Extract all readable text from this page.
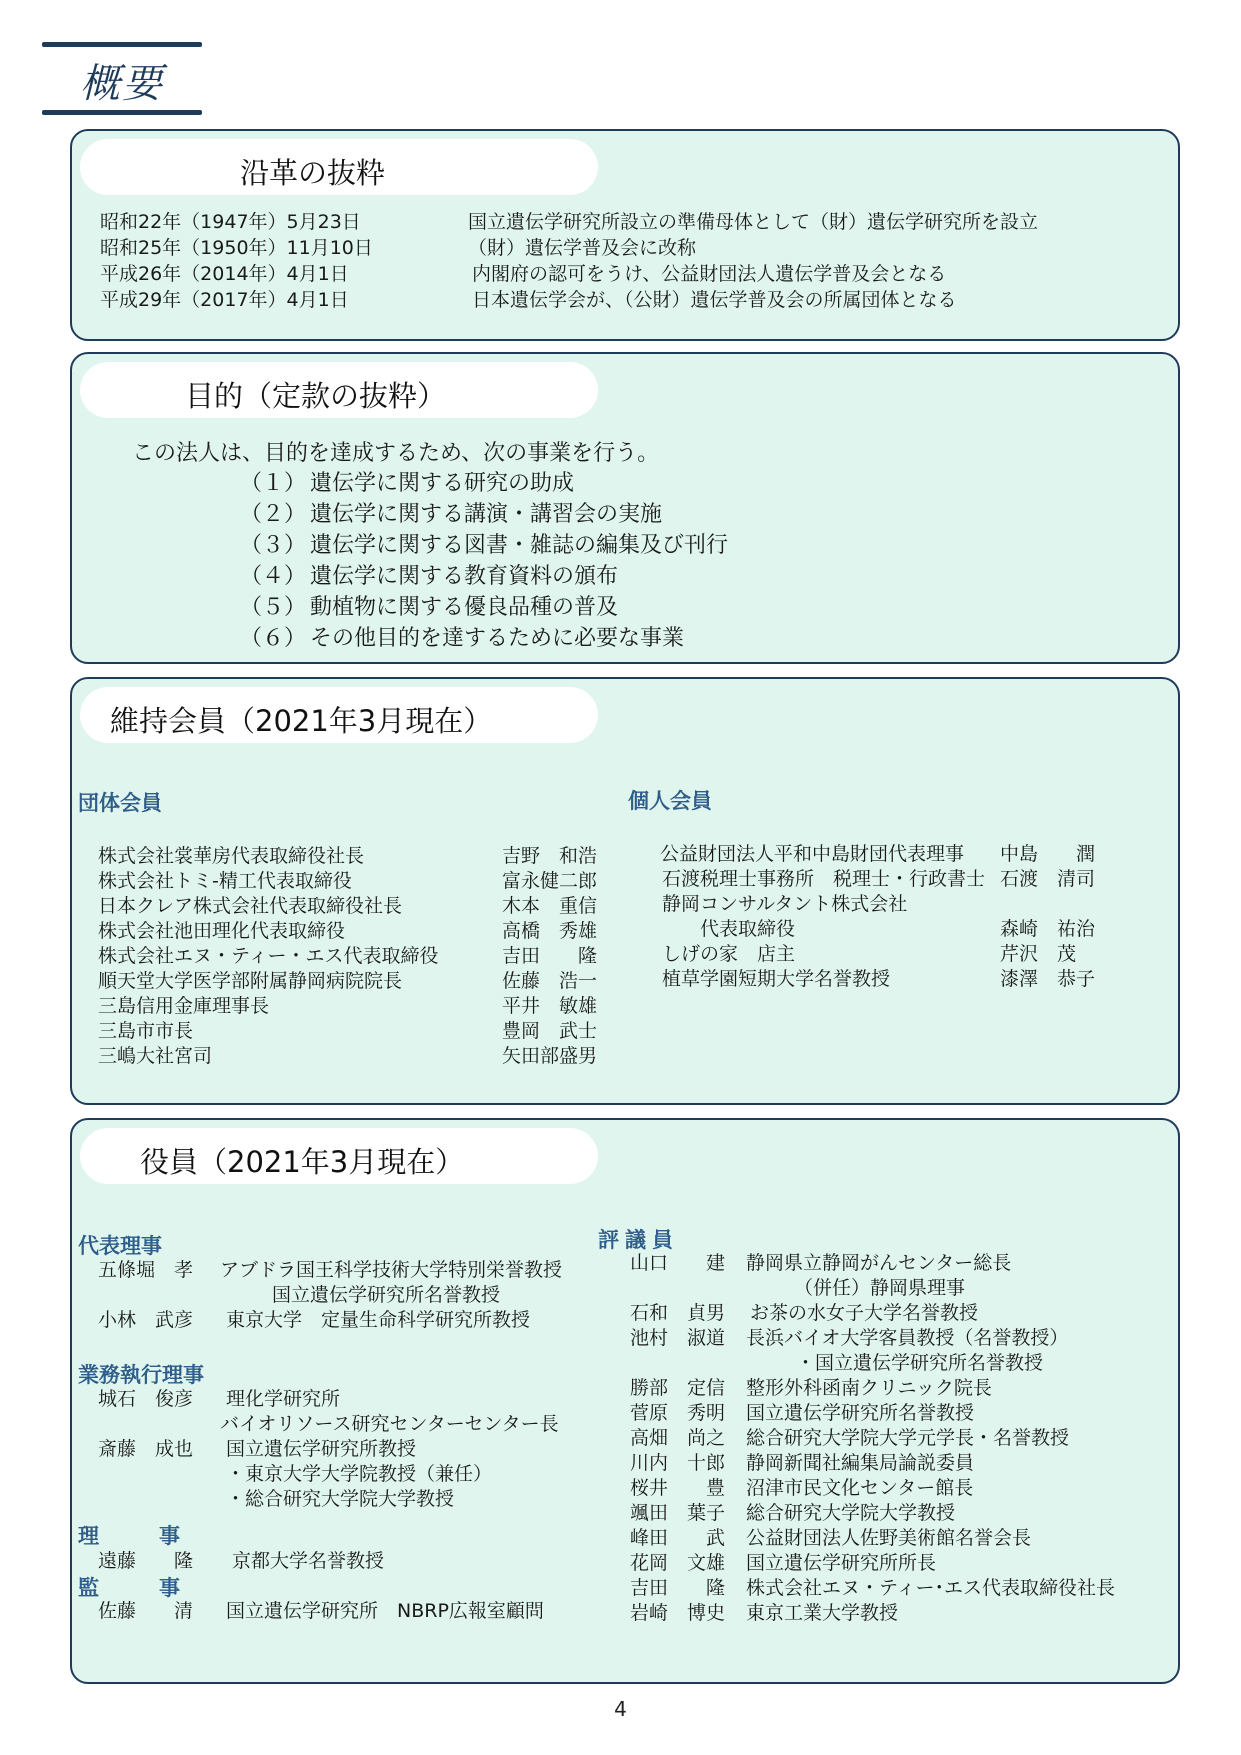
概要
沿革の抜粋
昭和22年（1947年）5月23日	国立遺伝学研究所設立の準備母体として（財）遺伝学研究所を設立
昭和25年（1950年）11月10日	（財）遺伝学普及会に改称
平成26年（2014年）4月1日	内閣府の認可をうけ、公益財団法人遺伝学普及会となる
平成29年（2017年）4月1日	日本遺伝学会が、（公財）遺伝学普及会の所属団体となる
目的（定款の抜粋）
この法人は、目的を達成するため、次の事業を行う。
（１） 遺伝学に関する研究の助成
（２） 遺伝学に関する講演・講習会の実施
（３） 遺伝学に関する図書・雑誌の編集及び刊行
（４） 遺伝学に関する教育資料の頒布
（５） 動植物に関する優良品種の普及
（６） その他目的を達するために必要な事業
維持会員（2021年3月現在）
団体会員	個人会員
株式会社裳華房代表取締役社長	吉野　和浩
株式会社トミ-精工代表取締役	富永健二郎
日本クレア株式会社代表取締役社長	木本　重信
株式会社池田理化代表取締役	高橋　秀雄
株式会社エヌ・ティー・エス代表取締役	吉田　　隆
順天堂大学医学部附属静岡病院院長	佐藤　浩一
三島信用金庫理事長	平井　敏雄
三島市市長	豊岡　武士
三嶋大社宮司	矢田部盛男
公益財団法人平和中島財団代表理事 中島　　潤
石渡税理士事務所　税理士・行政書士 石渡　清司
静岡コンサルタント株式会社
　　代表取締役	森崎　祐治
しげの家　店主	芹沢　茂
植草学園短期大学名誉教授	漆澤　恭子
役員（2021年3月現在）
代表理事
五條堀　孝 アブドラ国王科学技術大学特別栄誉教授
国立遺伝学研究所名誉教授
小林　武彦 東京大学　定量生命科学研究所教授
業務執行理事
城石　俊彦 理化学研究所
バイオリソース研究センターセンター長
斎藤　成也 国立遺伝学研究所教授
・東京大学大学院教授（兼任）
・総合研究大学院大学教授
理　　事
遠藤　　隆 京都大学名誉教授
監　　事
佐藤　　清 国立遺伝学研究所　NBRP広報室顧問
評議員
山口　　建 静岡県立静岡がんセンター総長
（併任）静岡県理事
石和　貞男 お茶の水女子大学名誉教授
池村　淑道 長浜バイオ大学客員教授（名誉教授）
・国立遺伝学研究所名誉教授
勝部　定信 整形外科函南クリニック院長
菅原　秀明 国立遺伝学研究所名誉教授
高畑　尚之 総合研究大学院大学元学長・名誉教授
川内　十郎 静岡新聞社編集局論説委員
桜井　　豊 沼津市民文化センター館長
颯田　葉子 総合研究大学院大学教授
峰田　　武 公益財団法人佐野美術館名誉会長
花岡　文雄 国立遺伝学研究所所長
吉田　　隆 株式会社エヌ・ティー･エス代表取締役社長
岩崎　博史 東京工業大学教授
4
